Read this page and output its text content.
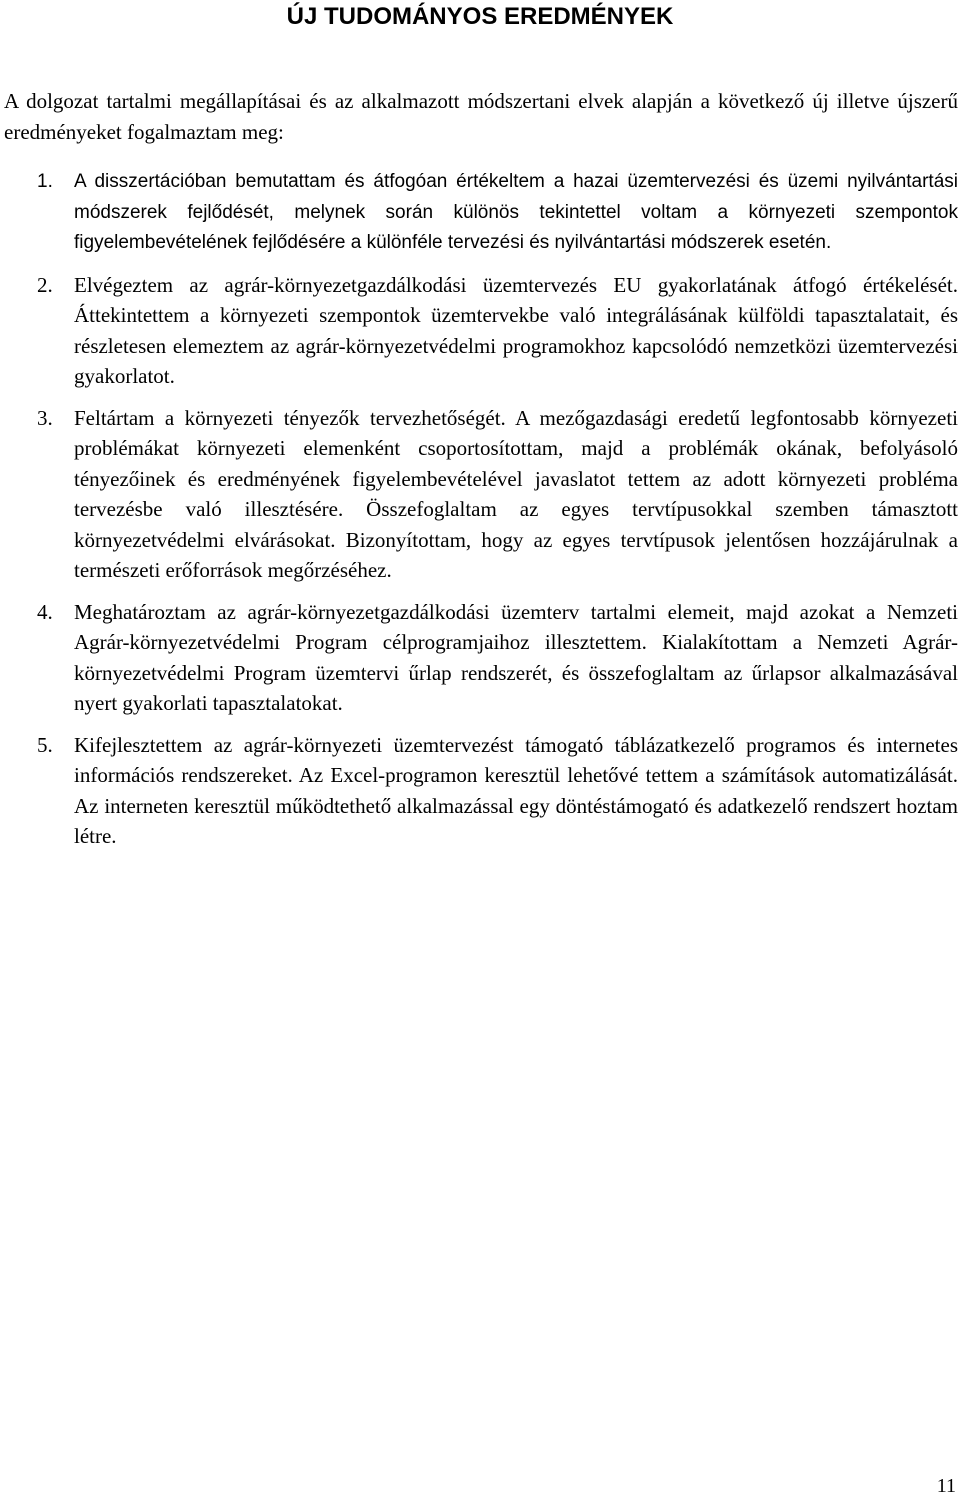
ÚJ TUDOMÁNYOS EREDMÉNYEK

A dolgozat tartalmi megállapításai és az alkalmazott módszertani elvek alapján a következő új illetve újszerű eredményeket fogalmaztam meg:

1. A disszertációban bemutattam és átfogóan értékeltem a hazai üzemtervezési és üzemi nyilvántartási módszerek fejlődését, melynek során különös tekintettel voltam a környezeti szempontok figyelembevételének fejlődésére a különféle tervezési és nyilvántartási módszerek esetén.
2. Elvégeztem az agrár-környezetgazdálkodási üzemtervezés EU gyakorlatának átfogó értékelését. Áttekintettem a környezeti szempontok üzemtervekbe való integrálásának külföldi tapasztalatait, és részletesen elemeztem az agrár-környezetvédelmi programokhoz kapcsolódó nemzetközi üzemtervezési gyakorlatot.
3. Feltártam a környezeti tényezők tervezhetőségét. A mezőgazdasági eredetű legfontosabb környezeti problémákat környezeti elemenként csoportosítottam, majd a problémák okának, befolyásoló tényezőinek és eredményének figyelembevételével javaslatot tettem az adott környezeti probléma tervezésbe való illesztésére. Összefoglaltam az egyes tervtípusokkal szemben támasztott környezetvédelmi elvárásokat. Bizonyítottam, hogy az egyes tervtípusok jelentősen hozzájárulnak a természeti erőforrások megőrzéséhez.
4. Meghatároztam az agrár-környezetgazdálkodási üzemterv tartalmi elemeit, majd azokat a Nemzeti Agrár-környezetvédelmi Program célprogramjaihoz illesztettem. Kialakítottam a Nemzeti Agrár-környezetvédelmi Program üzemtervi űrlap rendszerét, és összefoglaltam az űrlapsor alkalmazásával nyert gyakorlati tapasztalatokat.
5. Kifejlesztettem az agrár-környezeti üzemtervezést támogató táblázatkezelő programos és internetes információs rendszereket. Az Excel-programon keresztül lehetővé tettem a számítások automatizálását. Az interneten keresztül működtethető alkalmazással egy döntéstámogató és adatkezelő rendszert hoztam létre.
11
